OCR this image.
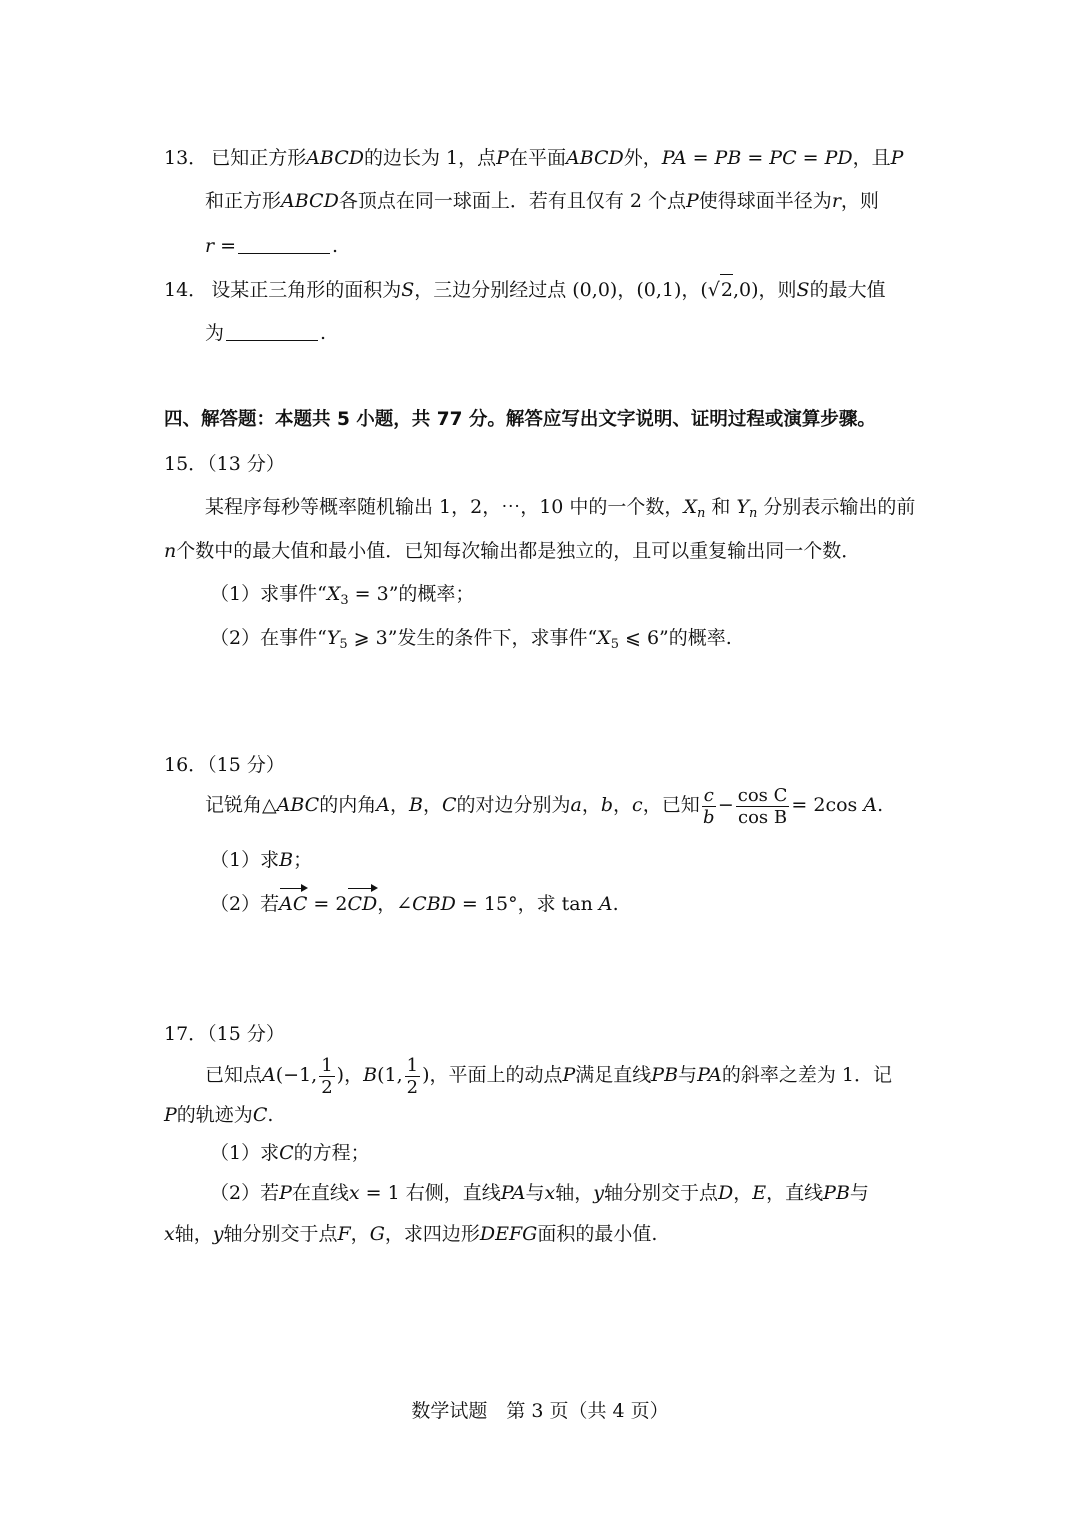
13． 已知正方形ABCD的边长为 1，点P在平面ABCD外，PA = PB = PC = PD，且P
和正方形ABCD各顶点在同一球面上．若有且仅有 2 个点P使得球面半径为r，则
r =	.
14． 设某正三角形的面积为S，三边分别经过点 (0,0)，(0,1)，(√2,0)，则S的最大值
为	.
四、解答题：本题共 5 小题，共 77 分。解答应写出文字说明、证明过程或演算步骤。
15．（13 分）
某程序每秒等概率随机输出 1，2，⋯，10 中的一个数，$X_n$ 和 $Y_n$ 分别表示输出的前
n个数中的最大值和最小值．已知每次输出都是独立的，且可以重复输出同一个数．
（1）求事件“$X_3 = 3$”的概率；
（2）在事件“$Y_5$ ⩾ 3”发生的条件下，求事件“$X_5$ ⩽ 6”的概率.
16．（15 分）
记锐角△ABC的内角A，B，C的对边分别为a，b，c，已知 $\frac{c}{b} - \frac{\text{cos C}}{\text{cos B}} = 2\cos$ A.
（1）求B；
（2）若AC = 2CD，∠CBD = 15°，求 tan A.
17．（15 分）
已知点A(−1, $\frac{1}{2}$ )，B(1, $\frac{1}{2}$ )，平面上的动点P满足直线PB与PA的斜率之差为 1．记
P的轨迹为C.
（1）求C的方程；
（2）若P在直线x = 1 右侧，直线PA与x轴，y轴分别交于点D，E，直线PB与
x轴，y轴分别交于点F，G，求四边形DEFG面积的最小值.
数学试题　第 3 页（共 4 页）
